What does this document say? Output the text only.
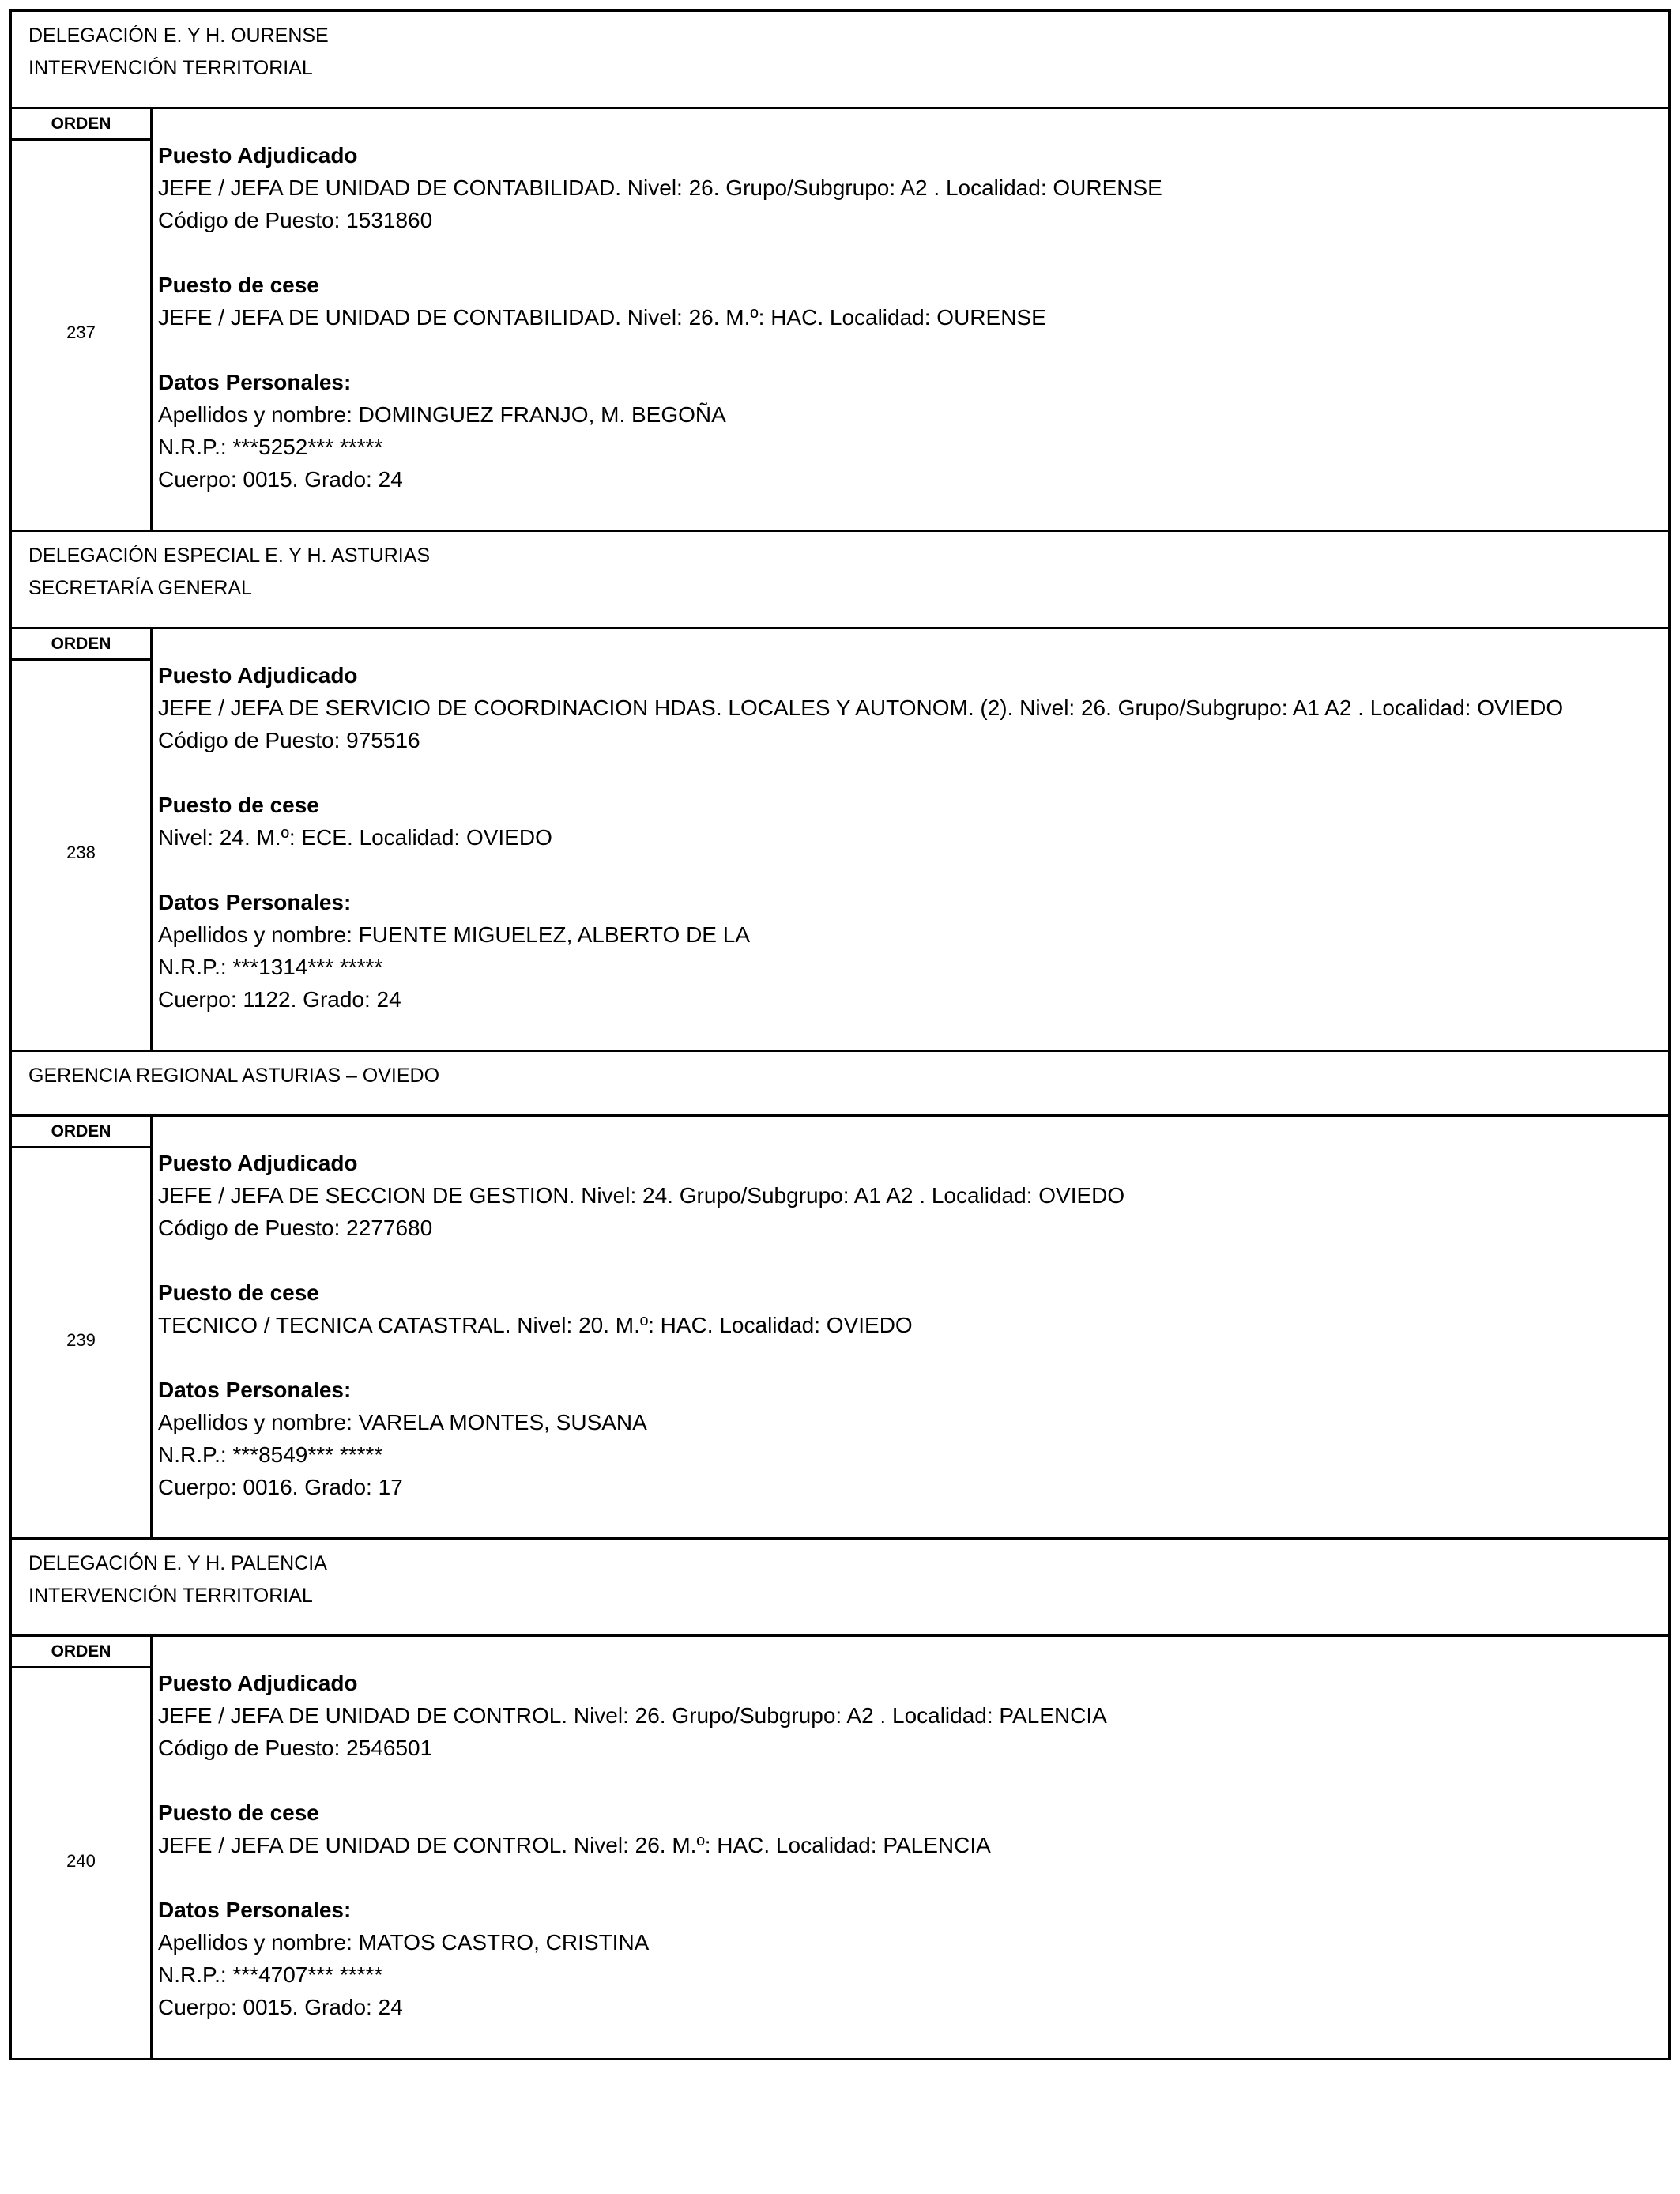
DELEGACIÓN E. Y H. OURENSE
INTERVENCIÓN TERRITORIAL
ORDEN
237
Puesto Adjudicado
JEFE / JEFA DE UNIDAD DE CONTABILIDAD. Nivel: 26. Grupo/Subgrupo: A2 . Localidad: OURENSE
Código de Puesto: 1531860
Puesto de cese
JEFE / JEFA DE UNIDAD DE CONTABILIDAD. Nivel: 26. M.º: HAC. Localidad: OURENSE
Datos Personales:
Apellidos y nombre: DOMINGUEZ FRANJO, M. BEGOÑA
N.R.P.: ***5252*** *****
Cuerpo: 0015. Grado: 24
DELEGACIÓN ESPECIAL E. Y H. ASTURIAS
SECRETARÍA GENERAL
ORDEN
238
Puesto Adjudicado
JEFE / JEFA DE SERVICIO DE COORDINACION HDAS. LOCALES Y AUTONOM. (2). Nivel: 26. Grupo/Subgrupo: A1 A2 . Localidad: OVIEDO
Código de Puesto: 975516
Puesto de cese
Nivel: 24. M.º: ECE. Localidad: OVIEDO
Datos Personales:
Apellidos y nombre: FUENTE MIGUELEZ, ALBERTO DE LA
N.R.P.: ***1314*** *****
Cuerpo: 1122. Grado: 24
GERENCIA REGIONAL ASTURIAS – OVIEDO
ORDEN
239
Puesto Adjudicado
JEFE / JEFA DE SECCION DE GESTION. Nivel: 24. Grupo/Subgrupo: A1 A2 . Localidad: OVIEDO
Código de Puesto: 2277680
Puesto de cese
TECNICO / TECNICA CATASTRAL. Nivel: 20. M.º: HAC. Localidad: OVIEDO
Datos Personales:
Apellidos y nombre: VARELA MONTES, SUSANA
N.R.P.: ***8549*** *****
Cuerpo: 0016. Grado: 17
DELEGACIÓN E. Y H. PALENCIA
INTERVENCIÓN TERRITORIAL
ORDEN
240
Puesto Adjudicado
JEFE / JEFA DE UNIDAD DE CONTROL. Nivel: 26. Grupo/Subgrupo: A2 . Localidad: PALENCIA
Código de Puesto: 2546501
Puesto de cese
JEFE / JEFA DE UNIDAD DE CONTROL. Nivel: 26. M.º: HAC. Localidad: PALENCIA
Datos Personales:
Apellidos y nombre: MATOS CASTRO, CRISTINA
N.R.P.: ***4707*** *****
Cuerpo: 0015. Grado: 24
